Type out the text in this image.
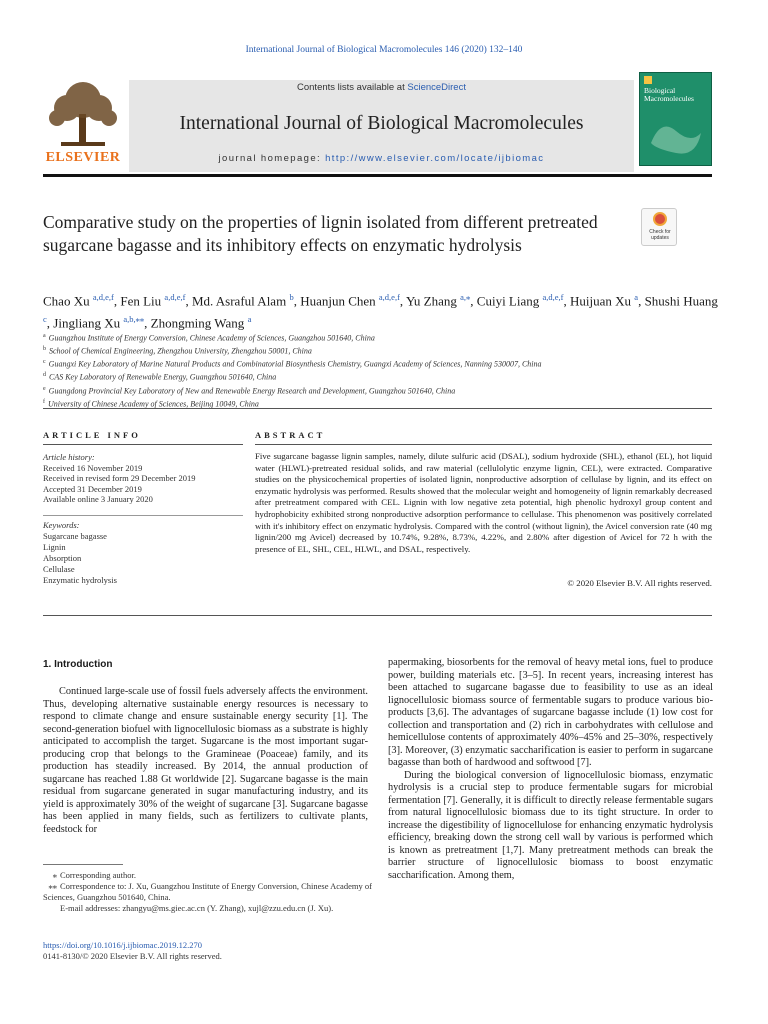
International Journal of Biological Macromolecules 146 (2020) 132–140
ELSEVIER
Contents lists available at ScienceDirect
International Journal of Biological Macromolecules
journal homepage: http://www.elsevier.com/locate/ijbiomac
Biological Macromolecules
Comparative study on the properties of lignin isolated from different pretreated sugarcane bagasse and its inhibitory effects on enzymatic hydrolysis
Check for updates
Chao Xu $^{a,d,e,f}$, Fen Liu $^{a,d,e,f}$, Md. Asraful Alam $^b$, Huanjun Chen $^{a,d,e,f}$, Yu Zhang $^{a,⁎}$, Cuiyi Liang $^{a,d,e,f}$, Huijuan Xu $^a$, Shushi Huang $^c$, Jingliang Xu $^{a,b,⁎⁎}$, Zhongming Wang $^a$
$^a$ Guangzhou Institute of Energy Conversion, Chinese Academy of Sciences, Guangzhou 501640, China
$^b$ School of Chemical Engineering, Zhengzhou University, Zhengzhou 50001, China
$^c$ Guangxi Key Laboratory of Marine Natural Products and Combinatorial Biosynthesis Chemistry, Guangxi Academy of Sciences, Nanning 530007, China
$^d$ CAS Key Laboratory of Renewable Energy, Guangzhou 501640, China
$^e$ Guangdong Provincial Key Laboratory of New and Renewable Energy Research and Development, Guangzhou 501640, China
$^f$ University of Chinese Academy of Sciences, Beijing 10049, China
ARTICLE INFO	ABSTRACT
Article history:
Received 16 November 2019
Received in revised form 29 December 2019
Accepted 31 December 2019
Available online 3 January 2020
Keywords:
Sugarcane bagasse
Lignin
Absorption
Cellulase
Enzymatic hydrolysis
Five sugarcane bagasse lignin samples, namely, dilute sulfuric acid (DSAL), sodium hydroxide (SHL), ethanol (EL), hot liquid water (HLWL)-pretreated residual solids, and raw material (cellulolytic enzyme lignin, CEL), were extracted. Comparative studies on the physicochemical properties of isolated lignin, nonproductive adsorption of cellulase by lignin, and its effect on enzymatic hydrolysis was performed. Results showed that the molecular weight and homogeneity of lignin remarkably decreased after pretreatment compared with CEL. Lignin with low negative zeta potential, high phenolic hydroxyl group content and hydrophobicity exhibited strong nonproductive adsorption performance to cellulase. This phenomenon was positively correlated with it's inhibitory effect on enzymatic hydrolysis. Compared with the control (without lignin), the Avicel conversion rate (40 mg lignin/200 mg Avicel) decreased by 10.74%, 9.28%, 8.73%, 4.22%, and 2.80% after digestion of Avicel for 72 h with the presence of EL, SHL, CEL, HLWL, and DSAL, respectively.
© 2020 Elsevier B.V. All rights reserved.
1. Introduction

Continued large-scale use of fossil fuels adversely affects the environment. Thus, developing alternative sustainable energy resources is necessary to respond to climate change and ensure sustainable energy security [1]. The second-generation biofuel with lignocellulosic biomass as a substrate is highly anticipated to accomplish the target. Sugarcane is the most important sugar-producing crop that belongs to the Gramineae (Poaceae) family, and its production has steadily increased. By 2014, the annual production of sugarcane has reached 1.88 Gt worldwide [2]. Sugarcane bagasse is the main residual from sugarcane generated in sugar manufacturing industry, and its yield is approximately 30% of the weight of sugarcane [3]. Sugarcane bagasse has been applied in many fields, such as fertilizers to cultivate plants, feedstock for

papermaking, biosorbents for the removal of heavy metal ions, fuel to produce power, building materials etc. [3–5]. In recent years, increasing interest has been attached to sugarcane bagasse due to feasibility to use as an ideal lignocellulosic biomass source of fermentable sugars to produce various bio-products [3,6]. The advantages of sugarcane bagasse include (1) low cost for collection and transportation and (2) rich in carbohydrates with cellulose and hemicellulose contents of approximately 40%–45% and 25–30%, respectively [3]. Moreover, (3) enzymatic saccharification is easier to perform in sugarcane bagasse than both of hardwood and softwood [7].

During the biological conversion of lignocellulosic biomass, enzymatic hydrolysis is a crucial step to produce fermentable sugars for microbial fermentation [7]. Generally, it is difficult to directly release fermentable sugars from natural lignocellulosic biomass due to its tight structure. In order to increase the digestibility of lignocellulose for enhancing enzymatic hydrolysis efficiency, breaking down the strong cell wall by various is performed which is known as pretreatment [1,7]. Many pretreatment methods can break the barrier structure of lignocellulosic biomass to boost enzymatic saccharification. Among them,

⁎ Corresponding author.
⁎⁎ Correspondence to: J. Xu, Guangzhou Institute of Energy Conversion, Chinese Academy of Sciences, Guangzhou 501640, China.
E-mail addresses: zhangyu@ms.giec.ac.cn (Y. Zhang), xujl@zzu.edu.cn (J. Xu).
https://doi.org/10.1016/j.ijbiomac.2019.12.270
0141-8130/© 2020 Elsevier B.V. All rights reserved.
